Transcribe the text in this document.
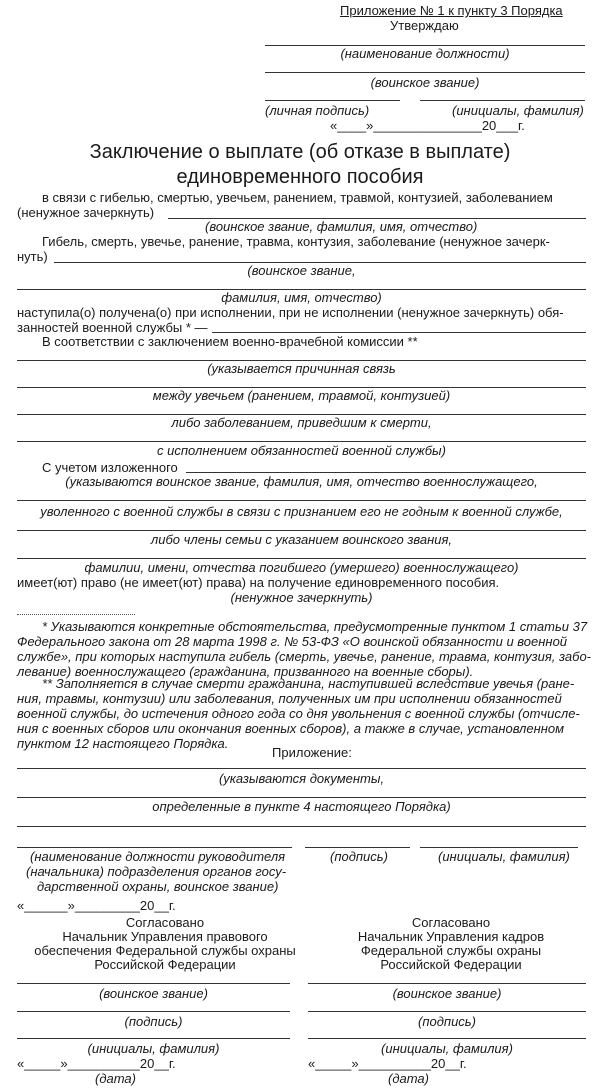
Приложение № 1 к пункту 3 Порядка
Утверждаю
(наименование должности)
(воинское звание)
(личная подпись)	(инициалы, фамилия)
«____»_______________20___г.
Заключение о выплате (об отказе в выплате)
единовременного пособия
в связи с гибелью, смертью, увечьем, ранением, травмой, контузией, заболеванием
(ненужное зачеркнуть)
(воинское звание, фамилия, имя, отчество)
Гибель, смерть, увечье, ранение, травма, контузия, заболевание (ненужное зачерк-
нуть)
(воинское звание,
фамилия, имя, отчество)
наступила(о) получена(о) при исполнении, при не исполнении (ненужное зачеркнуть) обя-
занностей военной службы * —
В соответствии с заключением военно-врачебной комиссии **
(указывается причинная связь
между увечьем (ранением, травмой, контузией)
либо заболеванием, приведшим к смерти,
с исполнением обязанностей военной службы)
С учетом изложенного
(указываются воинское звание, фамилия, имя, отчество военнослужащего,
уволенного с военной службы в связи с признанием его не годным к военной службе,
либо члены семьи с указанием воинского звания,
фамилии, имени, отчества погибшего (умершего) военнослужащего)
имеет(ют) право (не имеет(ют) права) на получение единовременного пособия.
(ненужное зачеркнуть)
* Указываются конкретные обстоятельства, предусмотренные пунктом 1 статьи 37
Федерального закона от 28 марта 1998 г. № 53-ФЗ «О воинской обязанности и военной
службе», при которых наступила гибель (смерть, увечье, ранение, травма, контузия, забо-
левание) военнослужащего (гражданина, призванного на военные сборы).
** Заполняется в случае смерти гражданина, наступившей вследствие увечья (ране-
ния, травмы, контузии) или заболевания, полученных им при исполнении обязанностей
военной службы, до истечения одного года со дня увольнения с военной службы (отчисле-
ния с военных сборов или окончания военных сборов), а также в случае, установленном
пунктом 12 настоящего Порядка.
Приложение:
(указываются документы,
определенные в пункте 4 настоящего Порядка)
(наименование должности руководителя
(начальника) подразделения органов госу-
дарственной охраны, воинское звание)
(подпись)	(инициалы, фамилия)
«______»_________20__г.
Согласовано
Начальник Управления правового
обеспечения Федеральной службы охраны
Российской Федерации
(воинское звание)
(подпись)
(инициалы, фамилия)
«_____»__________20__г.
(дата)
Согласовано
Начальник Управления кадров
Федеральной службы охраны
Российской Федерации
(воинское звание)
(подпись)
(инициалы, фамилия)
«_____»__________20__г.
(дата)
